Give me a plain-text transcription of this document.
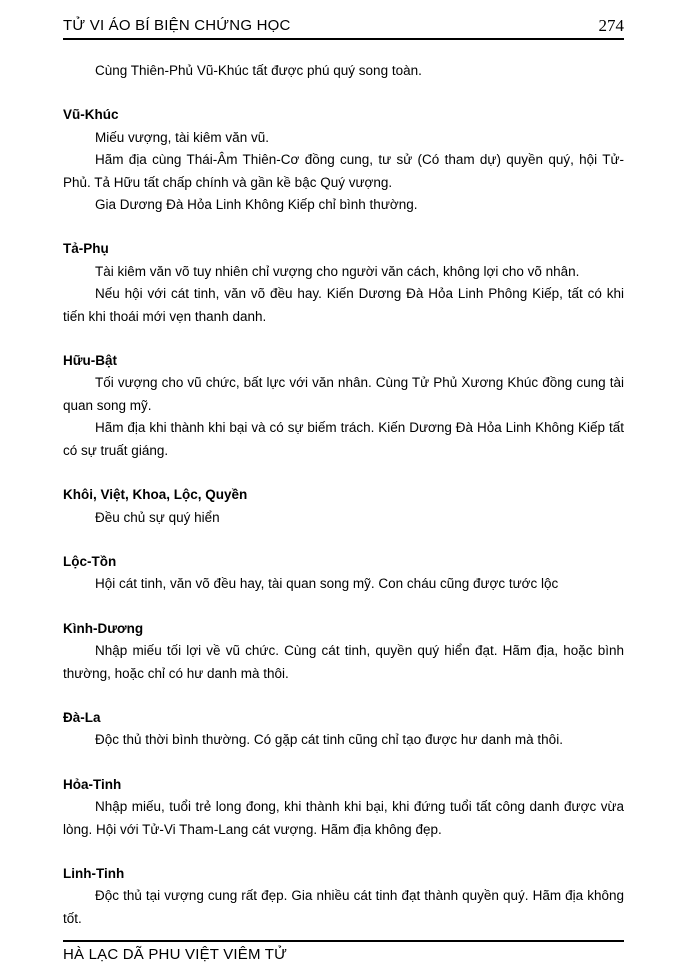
TỬ VI ÁO BÍ BIỆN CHỨNG HỌC	274

Cùng Thiên-Phủ Vũ-Khúc tất được phú quý song toàn.

Vũ-Khúc

Miếu vượng, tài kiêm văn vũ.

Hãm địa cùng Thái-Âm Thiên-Cơ đồng cung, tư sử (Có tham dự) quyền quý, hội Tử-Phủ. Tả Hữu tất chấp chính và gần kề bậc Quý vượng.

Gia Dương Đà Hỏa Linh Không Kiếp chỉ bình thường.

Tả-Phụ

Tài kiêm văn võ tuy nhiên chỉ vượng cho người văn cách, không lợi cho võ nhân.

Nếu hội với cát tinh, văn võ đều hay. Kiến Dương Đà Hỏa Linh Phông Kiếp, tất có khi tiến khi thoái mới vẹn thanh danh.

Hữu-Bật

Tối vượng cho vũ chức, bất lực với văn nhân. Cùng Tử Phủ Xương Khúc đồng cung tài quan song mỹ.

Hãm địa khi thành khi bại và có sự biếm trách. Kiến Dương Đà Hỏa Linh Không Kiếp tất có sự truất giáng.

Khôi, Việt, Khoa, Lộc, Quyền

Đều chủ sự quý hiển

Lộc-Tồn

Hội cát tinh, văn võ đều hay, tài quan song mỹ. Con cháu cũng được tước lộc

Kình-Dương

Nhập miếu tối lợi về vũ chức. Cùng cát tinh, quyền quý hiển đạt. Hãm địa, hoặc bình thường, hoặc chỉ có hư danh mà thôi.

Đà-La

Độc thủ thời bình thường. Có gặp cát tinh cũng chỉ tạo được hư danh mà thôi.

Hỏa-Tinh

Nhập miếu, tuổi trẻ long đong, khi thành khi bại, khi đứng tuổi tất công danh được vừa lòng. Hội với Tử-Vi Tham-Lang cát vượng. Hãm địa không đẹp.

Linh-Tinh

Độc thủ tại vượng cung rất đẹp. Gia nhiều cát tinh đạt thành quyền quý. Hãm địa không tốt.

HÀ LẠC DÃ PHU VIỆT VIÊM TỬ
